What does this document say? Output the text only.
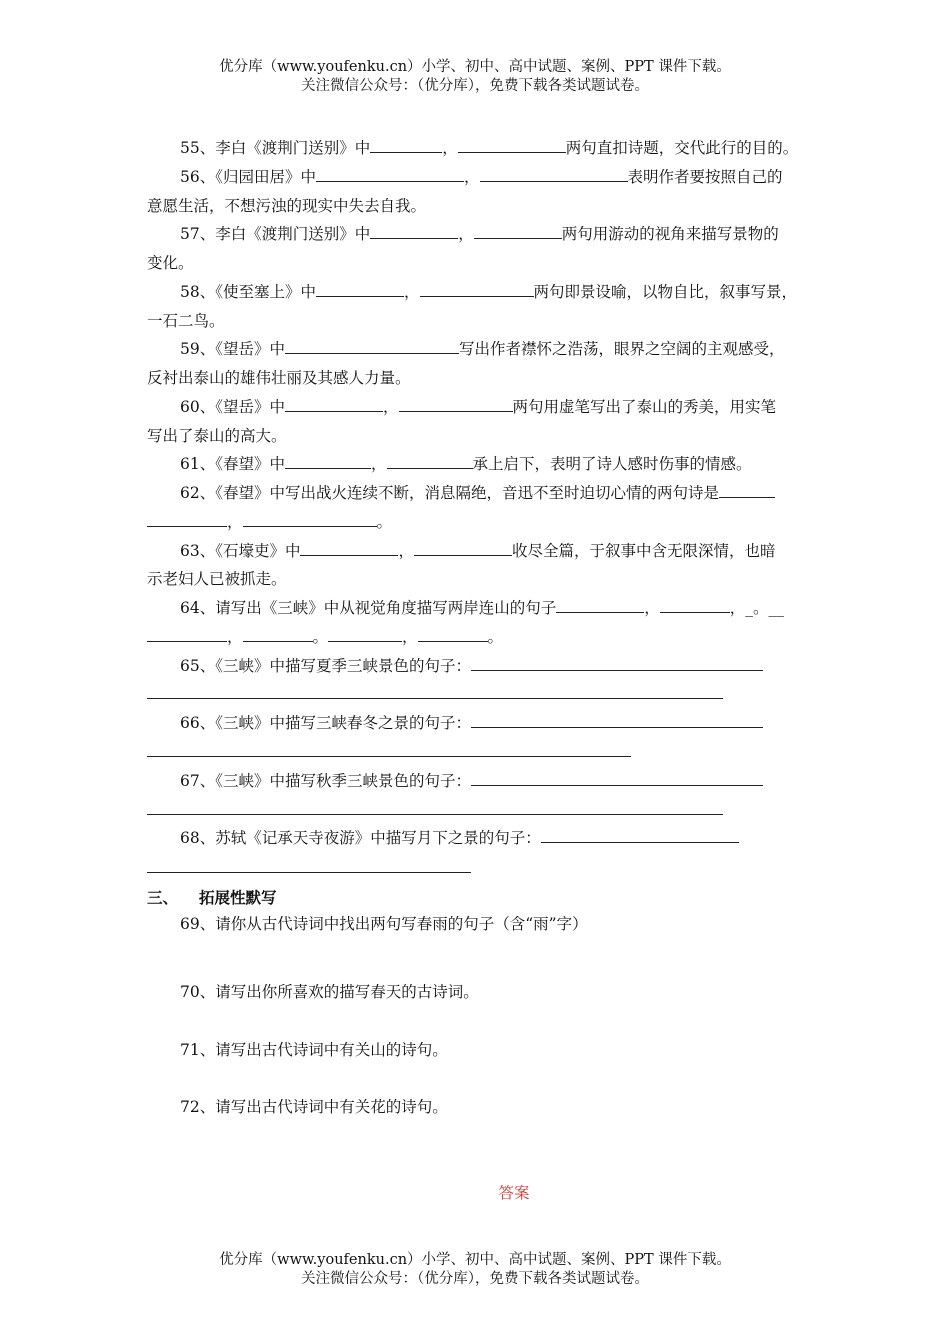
优分库（www.youfenku.cn）小学、初中、高中试题、案例、PPT 课件下载。
关注微信公众号：（优分库），免费下载各类试题试卷。
55、李白《渡荆门送别》中	，	两句直扣诗题，交代此行的目的。
56、《归园田居》中	，	表明作者要按照自己的
意愿生活，不想污浊的现实中失去自我。
57、李白《渡荆门送别》中	，	两句用游动的视角来描写景物的
变化。
58、《使至塞上》中	，	两句即景设喻，以物自比，叙事写景，
一石二鸟。
59、《望岳》中	写出作者襟怀之浩荡，眼界之空阔的主观感受，
反衬出泰山的雄伟壮丽及其感人力量。
60、《望岳》中	，	两句用虚笔写出了泰山的秀美，用实笔
写出了泰山的高大。
61、《春望》中	，	承上启下，表明了诗人感时伤事的情感。
62、《春望》中写出战火连续不断，消息隔绝，音迅不至时迫切心情的两句诗是
，	。
63、《石壕吏》中	，	收尽全篇，于叙事中含无限深情，也暗
示老妇人已被抓走。
64、请写出《三峡》中从视觉角度描写两岸连山的句子	，	，_。__
，	。	，	。
65、《三峡》中描写夏季三峡景色的句子：
66、《三峡》中描写三峡春冬之景的句子：
67、《三峡》中描写秋季三峡景色的句子：
68、苏轼《记承天寺夜游》中描写月下之景的句子：
三、 拓展性默写
69、请你从古代诗词中找出两句写春雨的句子（含“雨”字）
70、请写出你所喜欢的描写春天的古诗词。
71、请写出古代诗词中有关山的诗句。
72、请写出古代诗词中有关花的诗句。
答案
优分库（www.youfenku.cn）小学、初中、高中试题、案例、PPT 课件下载。
关注微信公众号：（优分库），免费下载各类试题试卷。
